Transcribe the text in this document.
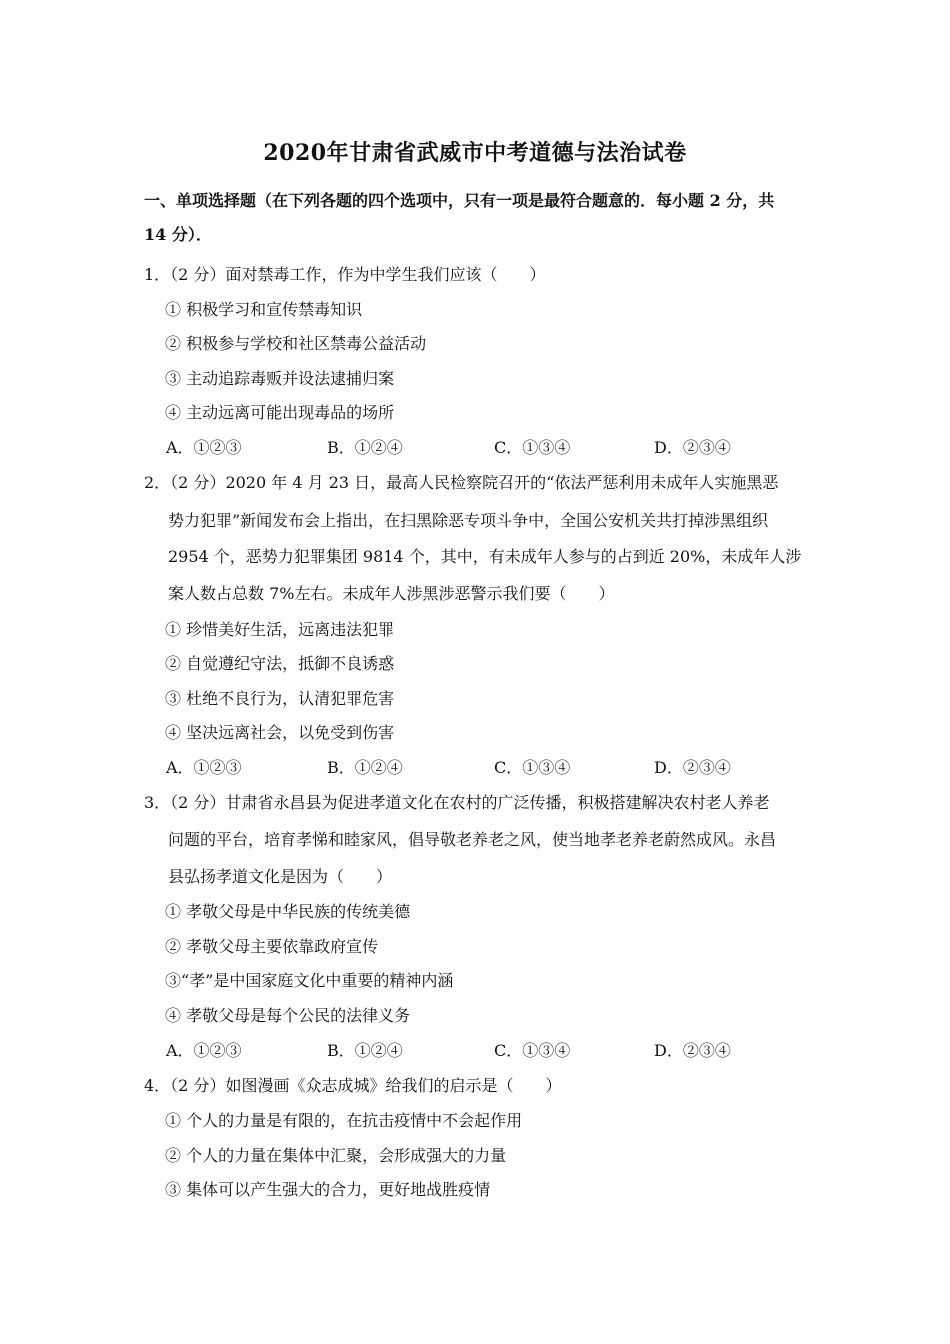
2020年甘肃省武威市中考道德与法治试卷
一、单项选择题（在下列各题的四个选项中，只有一项是最符合题意的．每小题 2 分，共
14 分）．
1．（2 分）面对禁毒工作，作为中学生我们应该（　　）
① 积极学习和宣传禁毒知识
② 积极参与学校和社区禁毒公益活动
③ 主动追踪毒贩并设法逮捕归案
④ 主动远离可能出现毒品的场所
A．①②③	B．①②④	C．①③④	D．②③④
2．（2 分）2020 年 4 月 23 日，最高人民检察院召开的“依法严惩利用未成年人实施黑恶
势力犯罪”新闻发布会上指出，在扫黑除恶专项斗争中，全国公安机关共打掉涉黑组织
2954 个，恶势力犯罪集团 9814 个，其中，有未成年人参与的占到近 20%，未成年人涉
案人数占总数 7%左右。未成年人涉黑涉恶警示我们要（　　）
① 珍惜美好生活，远离违法犯罪
② 自觉遵纪守法，抵御不良诱惑
③ 杜绝不良行为，认清犯罪危害
④ 坚决远离社会，以免受到伤害
A．①②③	B．①②④	C．①③④	D．②③④
3．（2 分）甘肃省永昌县为促进孝道文化在农村的广泛传播，积极搭建解决农村老人养老
问题的平台，培育孝悌和睦家风，倡导敬老养老之风，使当地孝老养老蔚然成风。永昌
县弘扬孝道文化是因为（　　）
① 孝敬父母是中华民族的传统美德
② 孝敬父母主要依靠政府宣传
③“孝”是中国家庭文化中重要的精神内涵
④ 孝敬父母是每个公民的法律义务
A．①②③	B．①②④	C．①③④	D．②③④
4．（2 分）如图漫画《众志成城》给我们的启示是（　　）
① 个人的力量是有限的，在抗击疫情中不会起作用
② 个人的力量在集体中汇聚，会形成强大的力量
③ 集体可以产生强大的合力，更好地战胜疫情
